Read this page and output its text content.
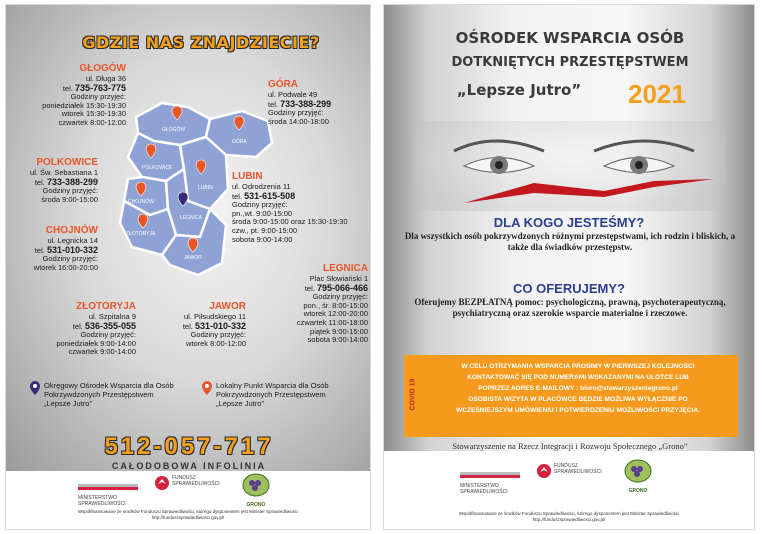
GDZIE NAS ZNAJDZIECIE?
GŁOGÓW
GÓRA
POLKOWICE
LUBIN
CHOJNÓW
LEGNICA
ZŁOTORYJA
JAWOR
GŁOGÓW
ul. Długa 36
tel. 735-763-775
Godziny przyjęć:
poniedziałek 15:30-19:30
wtorek 15:30-19:30
czwartek 8:00-12:00
GÓRA
ul. Podwale 49
tel. 733-388-299
Godziny przyjęć:
środa 14:00-18:00
POLKOWICE
ul. Św. Sebastiana 1
tel. 733-388-299
Godziny przyjęć:
środa 9:00-15:00
LUBIN
ul. Odrodzenia 11
tel. 531-615-508
Godziny przyjęć:
pn.,wt. 9:00-15:00
środa 9:00-15:00 oraz 15:30-19:30
czw., pt. 9:00-15:00
sobota 9:00-14:00
CHOJNÓW
ul. Legnicka 14
tel. 531-010-332
Godziny przyjęć:
wtorek 16:00-20:00	LEGNICA
Plac Słowiański 1
tel. 795-066-466
Godziny przyjęć:
pon., śr. 8:00-15:00
wtorek 12:00-20:00
czwartek 11:00-18:00
piątek 9:00-15:00
sobota 9:00-14:00
ZŁOTORYJA
ul. Szpitalna 9
tel. 536-355-055
Godziny przyjęć:
poniedziałek 9:00-14:00
czwartek 9:00-14:00
JAWOR
ul. Piłsudskiego 11
tel. 531-010-332
Godziny przyjęć:
wtorek 8:00-12:00
Okręgowy Ośrodek Wsparcia dla Osób Pokrzywdzonych Przestępstwem „Lepsze Jutro”
Lokalny Punkt Wsparcia dla Osób Pokrzywdzonych Przestępstwem „Lepsze Jutro”
512-057-717
CAŁODOBOWA INFOLINIA
MINISTERSTWO SPRAWIEDLIWOŚCI
FUNDUSZ SPRAWIEDLIWOŚCI
GRONO
Współfinansowane ze środków Funduszu Sprawiedliwości, którego dysponentem jest Minister Sprawiedliwości
http://funduszsprawiedliwosci.gov.pl/
OŚRODEK WSPARCIA OSÓB
DOTKNIĘTYCH PRZESTĘPSTWEM
„Lepsze Jutro”	2021
DLA KOGO JESTEŚMY?
Dla wszystkich osób pokrzywdzonych różnymi przestępstwami, ich rodzin i bliskich, a także dla świadków przestępstw.
CO OFERUJEMY?
Oferujemy BEZPŁATNĄ pomoc: psychologiczną, prawną, psychoterapeutyczną, psychiatryczną oraz szerokie wsparcie materialne i rzeczowe.
COVID 19
W CELU OTRZYMANIA WSPARCIA PROSIMY W PIERWSZEJ KOLEJNOŚCI
KONTAKTOWAĆ SIĘ POD NUMERAMI WSKAZANYMI NA ULOTCE LUB
POPRZEZ ADRES E-MAILOWY : biuro@stowarzyszeniegrono.pl
OSOBISTA WIZYTA W PLACÓWCE BĘDZIE MOŻLIWA WYŁĄCZNIE PO
WCZEŚNIEJSZYM UMÓWIENIU I POTWIERDZENIU MOŻLIWOŚCI PRZYJĘCIA.
Stowarzyszenie na Rzecz Integracji i Rozwoju Społecznego „Grono”
MINISTERSTWO SPRAWIEDLIWOŚCI
FUNDUSZ SPRAWIEDLIWOŚCI
GRONO
Współfinansowane ze środków Funduszu Sprawiedliwości, którego dysponentem jest Minister Sprawiedliwości
http://funduszsprawiedliwosci.gov.pl/
